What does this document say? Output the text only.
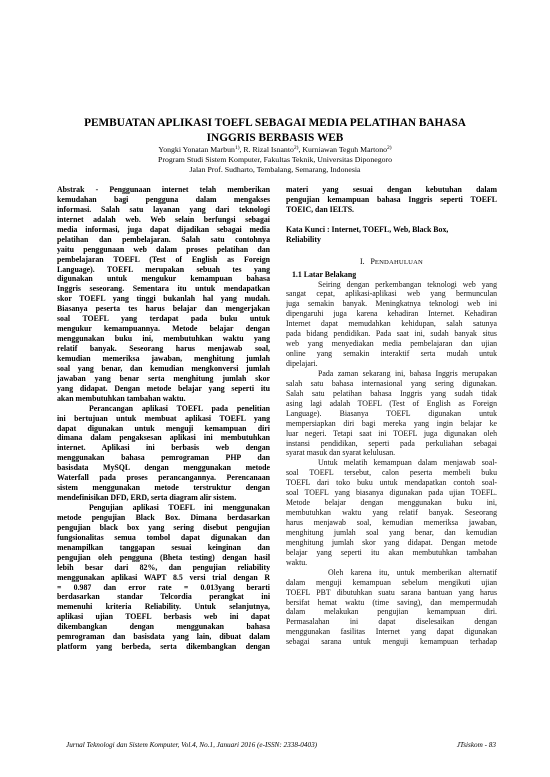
PEMBUATAN APLIKASI TOEFL SEBAGAI MEDIA PELATIHAN BAHASA
INGGRIS BERBASIS WEB
Yongki Yonatan Marbun$^{1)}$, R. Rizal Isnanto$^{2)}$, Kurniawan Teguh Martono$^{2)}$
Program Studi Sistem Komputer, Fakultas Teknik, Universitas Diponegoro
Jalan Prof. Sudharto, Tembalang, Semarang, Indonesia
Abstrak - Penggunaan internet telah memberikan
kemudahan bagi pengguna dalam mengakses
informasi. Salah satu layanan yang dari teknologi
internet adalah web. Web selain berfungsi sebagai
media informasi, juga dapat dijadikan sebagai media
pelatihan dan pembelajaran. Salah satu contohnya
yaitu penggunaan web dalam proses pelatihan dan
pembelajaran TOEFL (Test of English as Foreign
Language). TOEFL merupakan sebuah tes yang
digunakan untuk mengukur kemampuan bahasa
Inggris seseorang. Sementara itu untuk mendapatkan
skor TOEFL yang tinggi bukanlah hal yang mudah.
Biasanya peserta tes harus belajar dan mengerjakan
soal TOEFL yang terdapat pada buku untuk
mengukur kemampuannya. Metode belajar dengan
menggunakan buku ini, membutuhkan waktu yang
relatif banyak. Seseorang harus menjawab soal,
kemudian memeriksa jawaban, menghitung jumlah
soal yang benar, dan kemudian mengkonversi jumlah
jawaban yang benar serta menghitung jumlah skor
yang didapat. Dengan metode belajar yang seperti itu
akan membutuhkan tambahan waktu.
Perancangan aplikasi TOEFL pada penelitian
ini bertujuan untuk membuat aplikasi TOEFL yang
dapat digunakan untuk menguji kemampuan diri
dimana dalam pengaksesan aplikasi ini membutuhkan
internet. Aplikasi ini berbasis web dengan
menggunakan bahasa pemrograman PHP dan
basisdata MySQL dengan menggunakan metode
Waterfall pada proses perancangannya. Perencanaan
sistem menggunakan metode terstruktur dengan
mendefinisikan DFD, ERD, serta diagram alir sistem.
Pengujian aplikasi TOEFL ini menggunakan
metode pengujian Black Box. Dimana berdasarkan
pengujian black box yang sering disebut pengujian
fungsionalitas semua tombol dapat digunakan dan
menampilkan tanggapan sesuai keinginan dan
pengujian oleh pengguna (Bheta testing) dengan hasil
lebih besar dari 82%, dan pengujian reliability
menggunakan aplikasi WAPT 8.5 versi trial dengan R
= 0.987 dan error rate = 0.013yang berarti
berdasarkan standar Telcordia perangkat ini
memenuhi kriteria Reliability. Untuk selanjutnya,
aplikasi ujian TOEFL berbasis web ini dapat
dikembangkan dengan menggunakan bahasa
pemrograman dan basisdata yang lain, dibuat dalam
platform yang berbeda, serta dikembangkan dengan
materi yang sesuai dengan kebutuhan dalam
pengujian kemampuan bahasa Inggris seperti TOEFL
TOEIC, dan IELTS.
Kata Kunci : Internet, TOEFL, Web, Black Box,
Reliability
I. PENDAHULUAN
1.1 Latar Belakang
Seiring dengan perkembangan teknologi web yang
sangat cepat, aplikasi-aplikasi web yang bermunculan
juga semakin banyak. Meningkatnya teknologi web ini
dipengaruhi juga karena kehadiran Internet. Kehadiran
Internet dapat memudahkan kehidupan, salah satunya
pada bidang pendidikan. Pada saat ini, sudah banyak situs
web yang menyediakan media pembelajaran dan ujian
online yang semakin interaktif serta mudah untuk
dipelajari.
Pada zaman sekarang ini, bahasa Inggris merupakan
salah satu bahasa internasional yang sering digunakan.
Salah satu pelatihan bahasa Inggris yang sudah tidak
asing lagi adalah TOEFL (Test of English as Foreign
Language). Biasanya TOEFL digunakan untuk
mempersiapkan diri bagi mereka yang ingin belajar ke
luar negeri. Tetapi saat ini TOEFL juga digunakan oleh
instansi pendidikan, seperti pada perkuliahan sebagai
syarat masuk dan syarat kelulusan.
Untuk melatih kemampuan dalam menjawab soal-
soal TOEFL tersebut, calon peserta membeli buku
TOEFL dari toko buku untuk mendapatkan contoh soal-
soal TOEFL yang biasanya digunakan pada ujian TOEFL.
Metode belajar dengan menggunakan buku ini,
membutuhkan waktu yang relatif banyak. Seseorang
harus menjawab soal, kemudian memeriksa jawaban,
menghitung jumlah soal yang benar, dan kemudian
menghitung jumlah skor yang didapat. Dengan metode
belajar yang seperti itu akan membutuhkan tambahan
waktu.
Oleh karena itu, untuk memberikan alternatif
dalam menguji kemampuan sebelum mengikuti ujian
TOEFL PBT dibutuhkan suatu sarana bantuan yang harus
bersifat hemat waktu (time saving), dan mempermudah
dalam melakukan pengujian kemampuan diri.
Permasalahan ini dapat diselesaikan dengan
menggunakan fasilitas Internet yang dapat digunakan
sebagai sarana untuk menguji kemampuan terhadap
Jurnal Teknologi dan Sistem Komputer, Vol.4, No.1, Januari 2016 (e-ISSN: 2338-0403)	JTsiskom - 83
